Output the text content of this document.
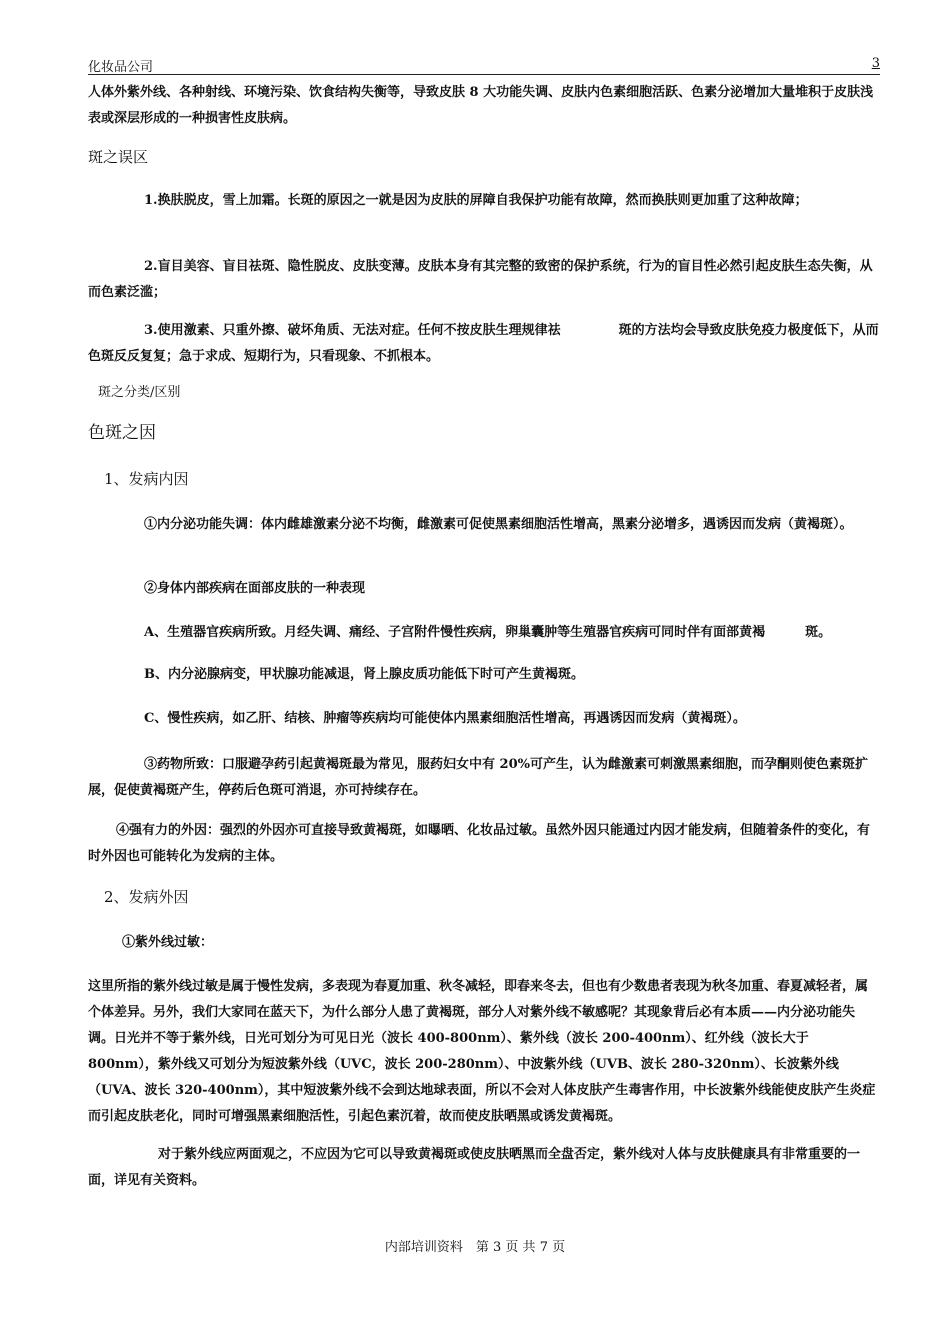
化妆品公司	3
人体外紫外线、各种射线、环境污染、饮食结构失衡等，导致皮肤 8 大功能失调、皮肤内色素细胞活跃、色素分泌增加大量堆积于皮肤浅表或深层形成的一种损害性皮肤病。
斑之误区
1.换肤脱皮，雪上加霜。长斑的原因之一就是因为皮肤的屏障自我保护功能有故障，然而换肤则更加重了这种故障；
2.盲目美容、盲目祛斑、隐性脱皮、皮肤变薄。皮肤本身有其完整的致密的保护系统，行为的盲目性必然引起皮肤生态失衡，从而色素泛滥；
3.使用激素、只重外擦、破坏角质、无法对症。任何不按皮肤生理规律祛	斑的方法均会导致皮肤免疫力极度低下，从而色斑反反复复；急于求成、短期行为，只看现象、不抓根本。
斑之分类/区别
色斑之因
1、发病内因
①内分泌功能失调：体内雌雄激素分泌不均衡，雌激素可促使黑素细胞活性增高，黑素分泌增多，遇诱因而发病（黄褐斑）。
②身体内部疾病在面部皮肤的一种表现
A、生殖器官疾病所致。月经失调、痛经、子宫附件慢性疾病，卵巢囊肿等生殖器官疾病可同时伴有面部黄褐	斑。
B、内分泌腺病变，甲状腺功能减退，肾上腺皮质功能低下时可产生黄褐斑。
C、慢性疾病，如乙肝、结核、肿瘤等疾病均可能使体内黑素细胞活性增高，再遇诱因而发病（黄褐斑）。
③药物所致：口服避孕药引起黄褐斑最为常见，服药妇女中有 20%可产生，认为雌激素可刺激黑素细胞，而孕酮则使色素斑扩展，促使黄褐斑产生，停药后色斑可消退，亦可持续存在。
④强有力的外因：强烈的外因亦可直接导致黄褐斑，如曝晒、化妆品过敏。虽然外因只能通过内因才能发病，但随着条件的变化，有时外因也可能转化为发病的主体。
2、发病外因
①紫外线过敏：
这里所指的紫外线过敏是属于慢性发病，多表现为春夏加重、秋冬减轻，即春来冬去，但也有少数患者表现为秋冬加重、春夏减轻者，属个体差异。另外，我们大家同在蓝天下，为什么部分人患了黄褐斑，部分人对紫外线不敏感呢？其现象背后必有本质——内分泌功能失调。日光并不等于紫外线，日光可划分为可见日光（波长 400-800nm）、紫外线（波长 200-400nm）、红外线（波长大于 800nm），紫外线又可划分为短波紫外线（UVC，波长 200-280nm）、中波紫外线（UVB、波长 280-320nm）、长波紫外线（UVA、波长 320-400nm），其中短波紫外线不会到达地球表面，所以不会对人体皮肤产生毒害作用，中长波紫外线能使皮肤产生炎症而引起皮肤老化，同时可增强黑素细胞活性，引起色素沉着，故而使皮肤晒黑或诱发黄褐斑。
对于紫外线应两面观之，不应因为它可以导致黄褐斑或使皮肤晒黑而全盘否定，紫外线对人体与皮肤健康具有非常重要的一面，详见有关资料。
内部培训资料　第 3 页 共 7 页
